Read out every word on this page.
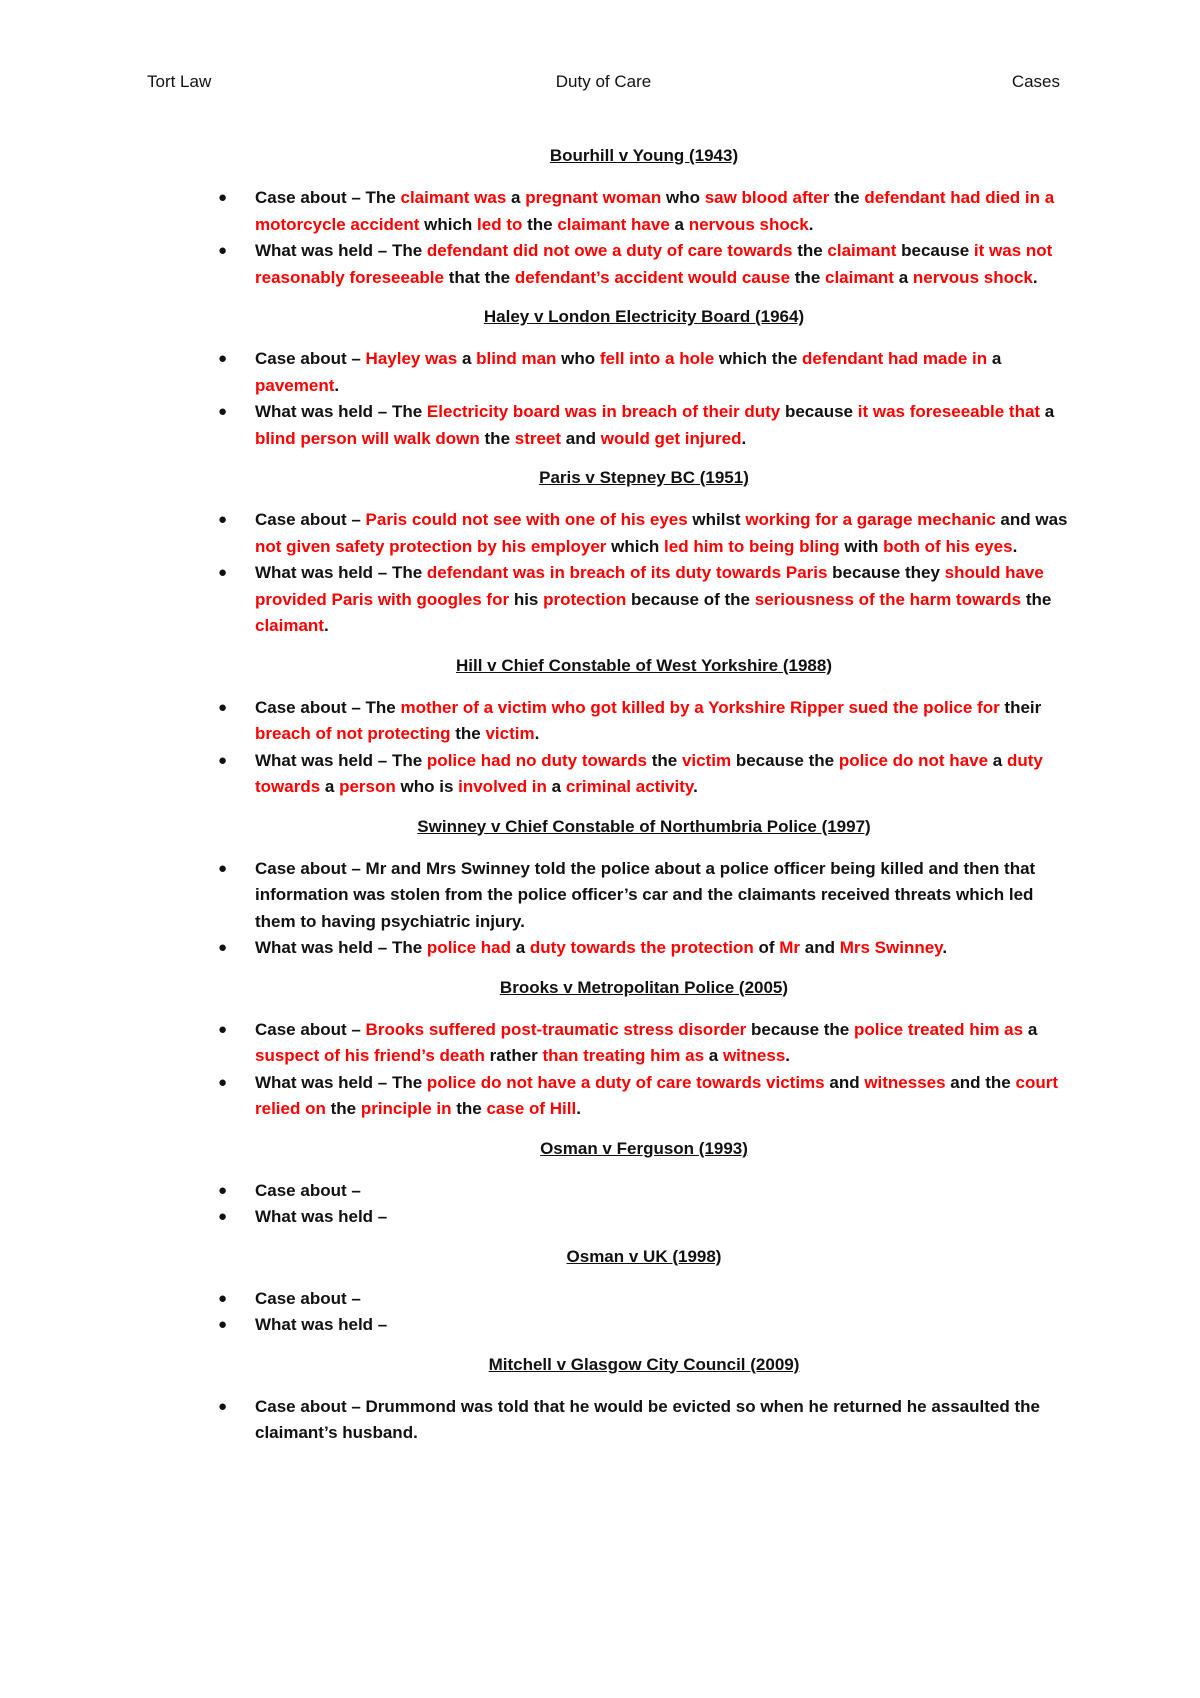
Tort Law	Duty of Care	Cases
Bourhill v Young (1943)
● Case about – The claimant was a pregnant woman who saw blood after the defendant had died in a motorcycle accident which led to the claimant have a nervous shock.
● What was held – The defendant did not owe a duty of care towards the claimant because it was not reasonably foreseeable that the defendant’s accident would cause the claimant a nervous shock.
Haley v London Electricity Board (1964)
● Case about – Hayley was a blind man who fell into a hole which the defendant had made in a pavement.
● What was held – The Electricity board was in breach of their duty because it was foreseeable that a blind person will walk down the street and would get injured.
Paris v Stepney BC (1951)
● Case about – Paris could not see with one of his eyes whilst working for a garage mechanic and was not given safety protection by his employer which led him to being bling with both of his eyes.
● What was held – The defendant was in breach of its duty towards Paris because they should have provided Paris with googles for his protection because of the seriousness of the harm towards the claimant.
Hill v Chief Constable of West Yorkshire (1988)
● Case about – The mother of a victim who got killed by a Yorkshire Ripper sued the police for their breach of not protecting the victim.
● What was held – The police had no duty towards the victim because the police do not have a duty towards a person who is involved in a criminal activity.
Swinney v Chief Constable of Northumbria Police (1997)
● Case about – Mr and Mrs Swinney told the police about a police officer being killed and then that information was stolen from the police officer’s car and the claimants received threats which led them to having psychiatric injury.
● What was held – The police had a duty towards the protection of Mr and Mrs Swinney.
Brooks v Metropolitan Police (2005)
● Case about – Brooks suffered post-traumatic stress disorder because the police treated him as a suspect of his friend’s death rather than treating him as a witness.
● What was held – The police do not have a duty of care towards victims and witnesses and the court relied on the principle in the case of Hill.
Osman v Ferguson (1993)
● Case about –
● What was held –
Osman v UK (1998)
● Case about –
● What was held –
Mitchell v Glasgow City Council (2009)
● Case about – Drummond was told that he would be evicted so when he returned he assaulted the claimant’s husband.
